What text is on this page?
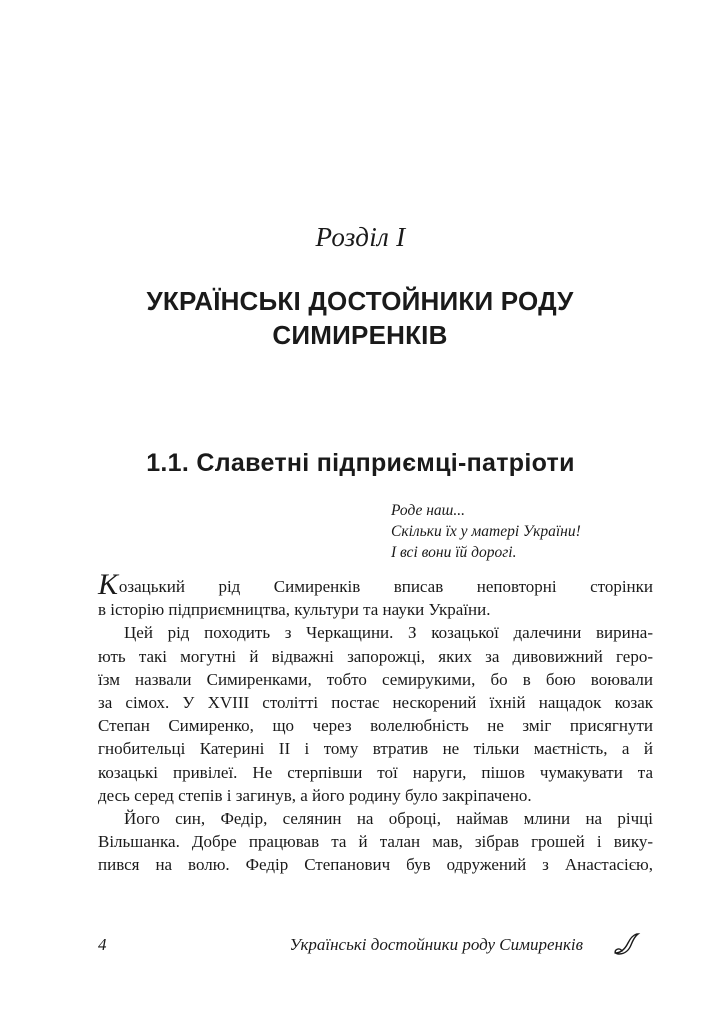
Розділ І
УКРАЇНСЬКІ ДОСТОЙНИКИ РОДУ
СИМИРЕНКІВ
1.1. Славетні підприємці-патріоти
Роде наш...
Скільки їх у матері України!
І всі вони їй дорогі.
Козацький рід Симиренків вписав неповторні сторінки
в історію підприємництва, культури та науки України.
Цей рід походить з Черкащини. З козацької далечини вирина-
ють такі могутні й відважні запорожці, яких за дивовижний геро-
їзм назвали Симиренками, тобто семирукими, бо в бою воювали
за сімох. У XVIII столітті постає нескорений їхній нащадок козак
Степан Симиренко, що через волелюбність не зміг присягнути
гнобительці Катерині ІІ і тому втратив не тільки маєтність, а й
козацькі привілеї. Не стерпівши тої наруги, пішов чумакувати та
десь серед степів і загинув, а його родину було закріпачено.
Його син, Федір, селянин на оброці, наймав млини на річці
Вільшанка. Добре працював та й талан мав, зібрав грошей і вику-
пився на волю. Федір Степанович був одружений з Анастасією,
4	Українські достойники роду Симиренків
